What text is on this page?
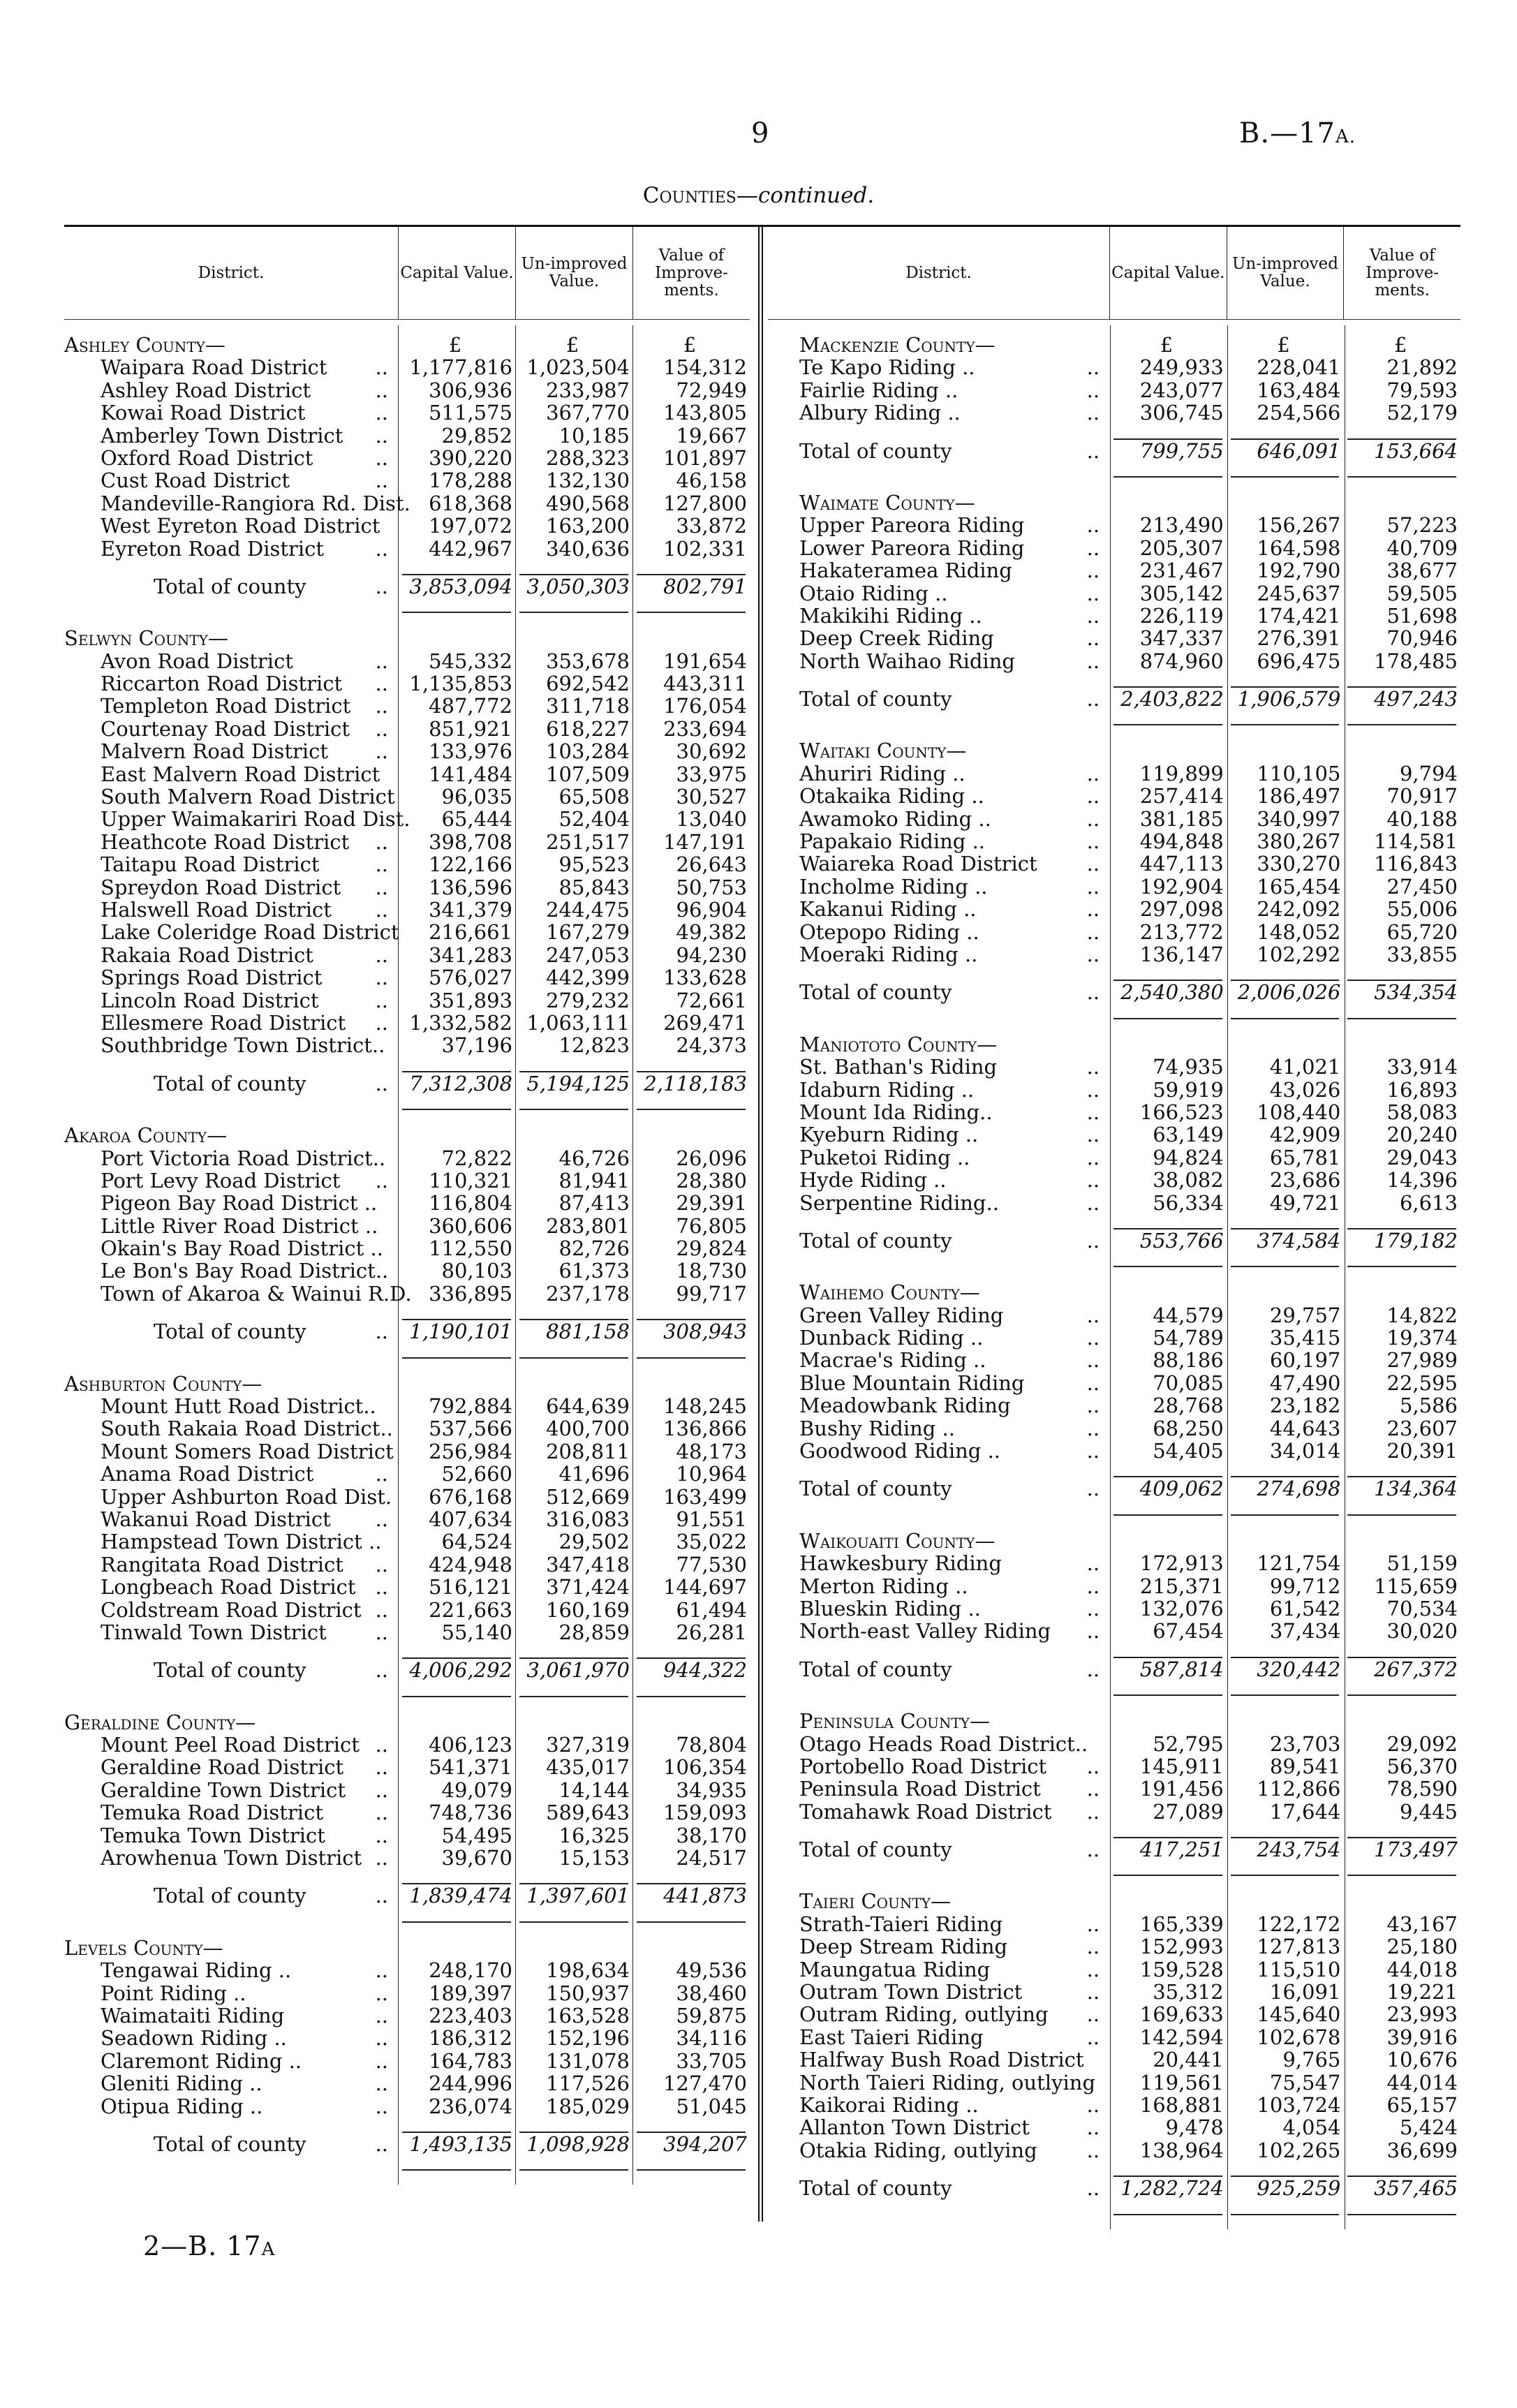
9	B.—17A.
Counties—continued.
District.	Capital Value. Un-improved Value.
Value of Improve-ments.
Ashley County—	£	£	£
Waipara Road District ..	1,177,816 1,023,504	154,312
Ashley Road District	..	306,936	233,987	72,949
Kowai Road District	..	511,575	367,770	143,805
Amberley Town District ..	29,852	10,185	19,667
Oxford Road District	..	390,220	288,323	101,897
Cust Road District	..	178,288	132,130	46,158
Mandeville-Rangiora Rd. Dist. 618,368	490,568	127,800
West Eyreton Road District	197,072	163,200	33,872
Eyreton Road District	..	442,967	340,636	102,331
Total of county	..	3,853,094 3,050,303	802,791
Selwyn County—
Avon Road District	..	545,332	353,678	191,654
Riccarton Road District ..	1,135,853	692,542	443,311
Templeton Road District ..	487,772	311,718	176,054
Courtenay Road District ..	851,921	618,227	233,694
Malvern Road District ..	133,976	103,284	30,692
East Malvern Road District	141,484	107,509	33,975
South Malvern Road District	96,035	65,508	30,527
Upper Waimakariri Road Dist.	65,444	52,404	13,040
Heathcote Road District ..	398,708	251,517	147,191
Taitapu Road District	..	122,166	95,523	26,643
Spreydon Road District ..	136,596	85,843	50,753
Halswell Road District ..	341,379	244,475	96,904
Lake Coleridge Road District	216,661	167,279	49,382
Rakaia Road District	..	341,283	247,053	94,230
Springs Road District	..	576,027	442,399	133,628
Lincoln Road District	..	351,893	279,232	72,661
Ellesmere Road District ..	1,332,582 1,063,111	269,471
Southbridge Town District..	37,196	12,823	24,373
Total of county	..	7,312,308 5,194,125 2,118,183
Akaroa County—
Port Victoria Road District..	72,822	46,726	26,096
Port Levy Road District ..	110,321	81,941	28,380
Pigeon Bay Road District ..	116,804	87,413	29,391
Little River Road District ..	360,606	283,801	76,805
Okain's Bay Road District ..	112,550	82,726	29,824
Le Bon's Bay Road District..	80,103	61,373	18,730
Town of Akaroa & Wainui R.D. 336,895	237,178	99,717
Total of county	..	1,190,101	881,158	308,943
Ashburton County—
Mount Hutt Road District..	792,884	644,639	148,245
South Rakaia Road District..	537,566	400,700	136,866
Mount Somers Road District	256,984	208,811	48,173
Anama Road District	..	52,660	41,696	10,964
Upper Ashburton Road Dist.	676,168	512,669	163,499
Wakanui Road District ..	407,634	316,083	91,551
Hampstead Town District ..	64,524	29,502	35,022
Rangitata Road District ..	424,948	347,418	77,530
Longbeach Road District ..	516,121	371,424	144,697
Coldstream Road District ..	221,663	160,169	61,494
Tinwald Town District ..	55,140	28,859	26,281
Total of county	..	4,006,292 3,061,970	944,322
Geraldine County—
Mount Peel Road District ..	406,123	327,319	78,804
Geraldine Road District ..	541,371	435,017	106,354
Geraldine Town District ..	49,079	14,144	34,935
Temuka Road District	..	748,736	589,643	159,093
Temuka Town District ..	54,495	16,325	38,170
Arowhenua Town District ..	39,670	15,153	24,517
Total of county	..	1,839,474 1,397,601	441,873
Levels County—
Tengawai Riding ..	..	248,170	198,634	49,536
Point Riding ..	..	189,397	150,937	38,460
Waimataiti Riding	..	223,403	163,528	59,875
Seadown Riding ..	..	186,312	152,196	34,116
Claremont Riding ..	..	164,783	131,078	33,705
Gleniti Riding ..	..	244,996	117,526	127,470
Otipua Riding ..	..	236,074	185,029	51,045
Total of county	..	1,493,135 1,098,928	394,207
District.	Capital Value. Un-improved Value.
Value of Improve-ments.
Mackenzie County—	£	£	£
Te Kapo Riding ..	..	249,933	228,041	21,892
Fairlie Riding ..	..	243,077	163,484	79,593
Albury Riding ..	..	306,745	254,566	52,179
Total of county	..	799,755	646,091	153,664
Waimate County—
Upper Pareora Riding	..	213,490	156,267	57,223
Lower Pareora Riding	..	205,307	164,598	40,709
Hakateramea Riding	..	231,467	192,790	38,677
Otaio Riding ..	..	305,142	245,637	59,505
Makikihi Riding ..	..	226,119	174,421	51,698
Deep Creek Riding	..	347,337	276,391	70,946
North Waihao Riding	..	874,960	696,475	178,485
Total of county	..	2,403,822 1,906,579	497,243
Waitaki County—
Ahuriri Riding ..	..	119,899	110,105	9,794
Otakaika Riding ..	..	257,414	186,497	70,917
Awamoko Riding ..	..	381,185	340,997	40,188
Papakaio Riding ..	..	494,848	380,267	114,581
Waiareka Road District ..	447,113	330,270	116,843
Incholme Riding ..	..	192,904	165,454	27,450
Kakanui Riding ..	..	297,098	242,092	55,006
Otepopo Riding ..	..	213,772	148,052	65,720
Moeraki Riding ..	..	136,147	102,292	33,855
Total of county	..	2,540,380 2,006,026	534,354
Maniototo County—
St. Bathan's Riding	..	74,935	41,021	33,914
Idaburn Riding ..	..	59,919	43,026	16,893
Mount Ida Riding..	..	166,523	108,440	58,083
Kyeburn Riding ..	..	63,149	42,909	20,240
Puketoi Riding ..	..	94,824	65,781	29,043
Hyde Riding ..	..	38,082	23,686	14,396
Serpentine Riding..	..	56,334	49,721	6,613
Total of county	..	553,766	374,584	179,182
Waihemo County—
Green Valley Riding	..	44,579	29,757	14,822
Dunback Riding ..	..	54,789	35,415	19,374
Macrae's Riding ..	..	88,186	60,197	27,989
Blue Mountain Riding	..	70,085	47,490	22,595
Meadowbank Riding	..	28,768	23,182	5,586
Bushy Riding ..	..	68,250	44,643	23,607
Goodwood Riding ..	..	54,405	34,014	20,391
Total of county	..	409,062	274,698	134,364
Waikouaiti County—
Hawkesbury Riding	..	172,913	121,754	51,159
Merton Riding ..	..	215,371	99,712	115,659
Blueskin Riding ..	..	132,076	61,542	70,534
North-east Valley Riding ..	67,454	37,434	30,020
Total of county	..	587,814	320,442	267,372
Peninsula County—
Otago Heads Road District..	52,795	23,703	29,092
Portobello Road District ..	145,911	89,541	56,370
Peninsula Road District ..	191,456	112,866	78,590
Tomahawk Road District ..	27,089	17,644	9,445
Total of county	..	417,251	243,754	173,497
Taieri County—
Strath-Taieri Riding	..	165,339	122,172	43,167
Deep Stream Riding	..	152,993	127,813	25,180
Maungatua Riding	..	159,528	115,510	44,018
Outram Town District	..	35,312	16,091	19,221
Outram Riding, outlying ..	169,633	145,640	23,993
East Taieri Riding	..	142,594	102,678	39,916
Halfway Bush Road District	20,441	9,765	10,676
North Taieri Riding, outlying	119,561	75,547	44,014
Kaikorai Riding ..	..	168,881	103,724	65,157
Allanton Town District	..	9,478	4,054	5,424
Otakia Riding, outlying ..	138,964	102,265	36,699
Total of county	..	1,282,724	925,259	357,465
2—B. 17A
